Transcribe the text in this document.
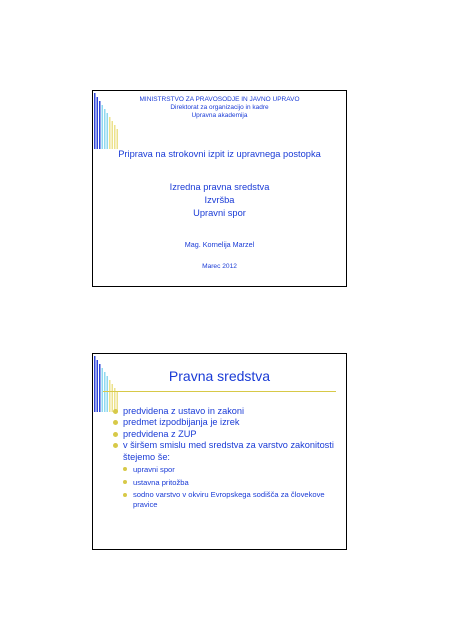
MINISTRSTVO ZA PRAVOSODJE IN JAVNO UPRAVO
Direktorat za organizacijo in kadre
Upravna akademija
Priprava na strokovni izpit iz upravnega postopka
Izredna pravna sredstva
Izvršba
Upravni spor
Mag. Kornelija Marzel
Marec 2012
Pravna sredstva
predvidena z ustavo in zakoni
predmet izpodbijanja je izrek
predvidena z ZUP
v širšem smislu med sredstva za varstvo zakonitosti štejemo še:
upravni spor
ustavna pritožba
sodno varstvo v okviru Evropskega sodišča za človekove pravice
